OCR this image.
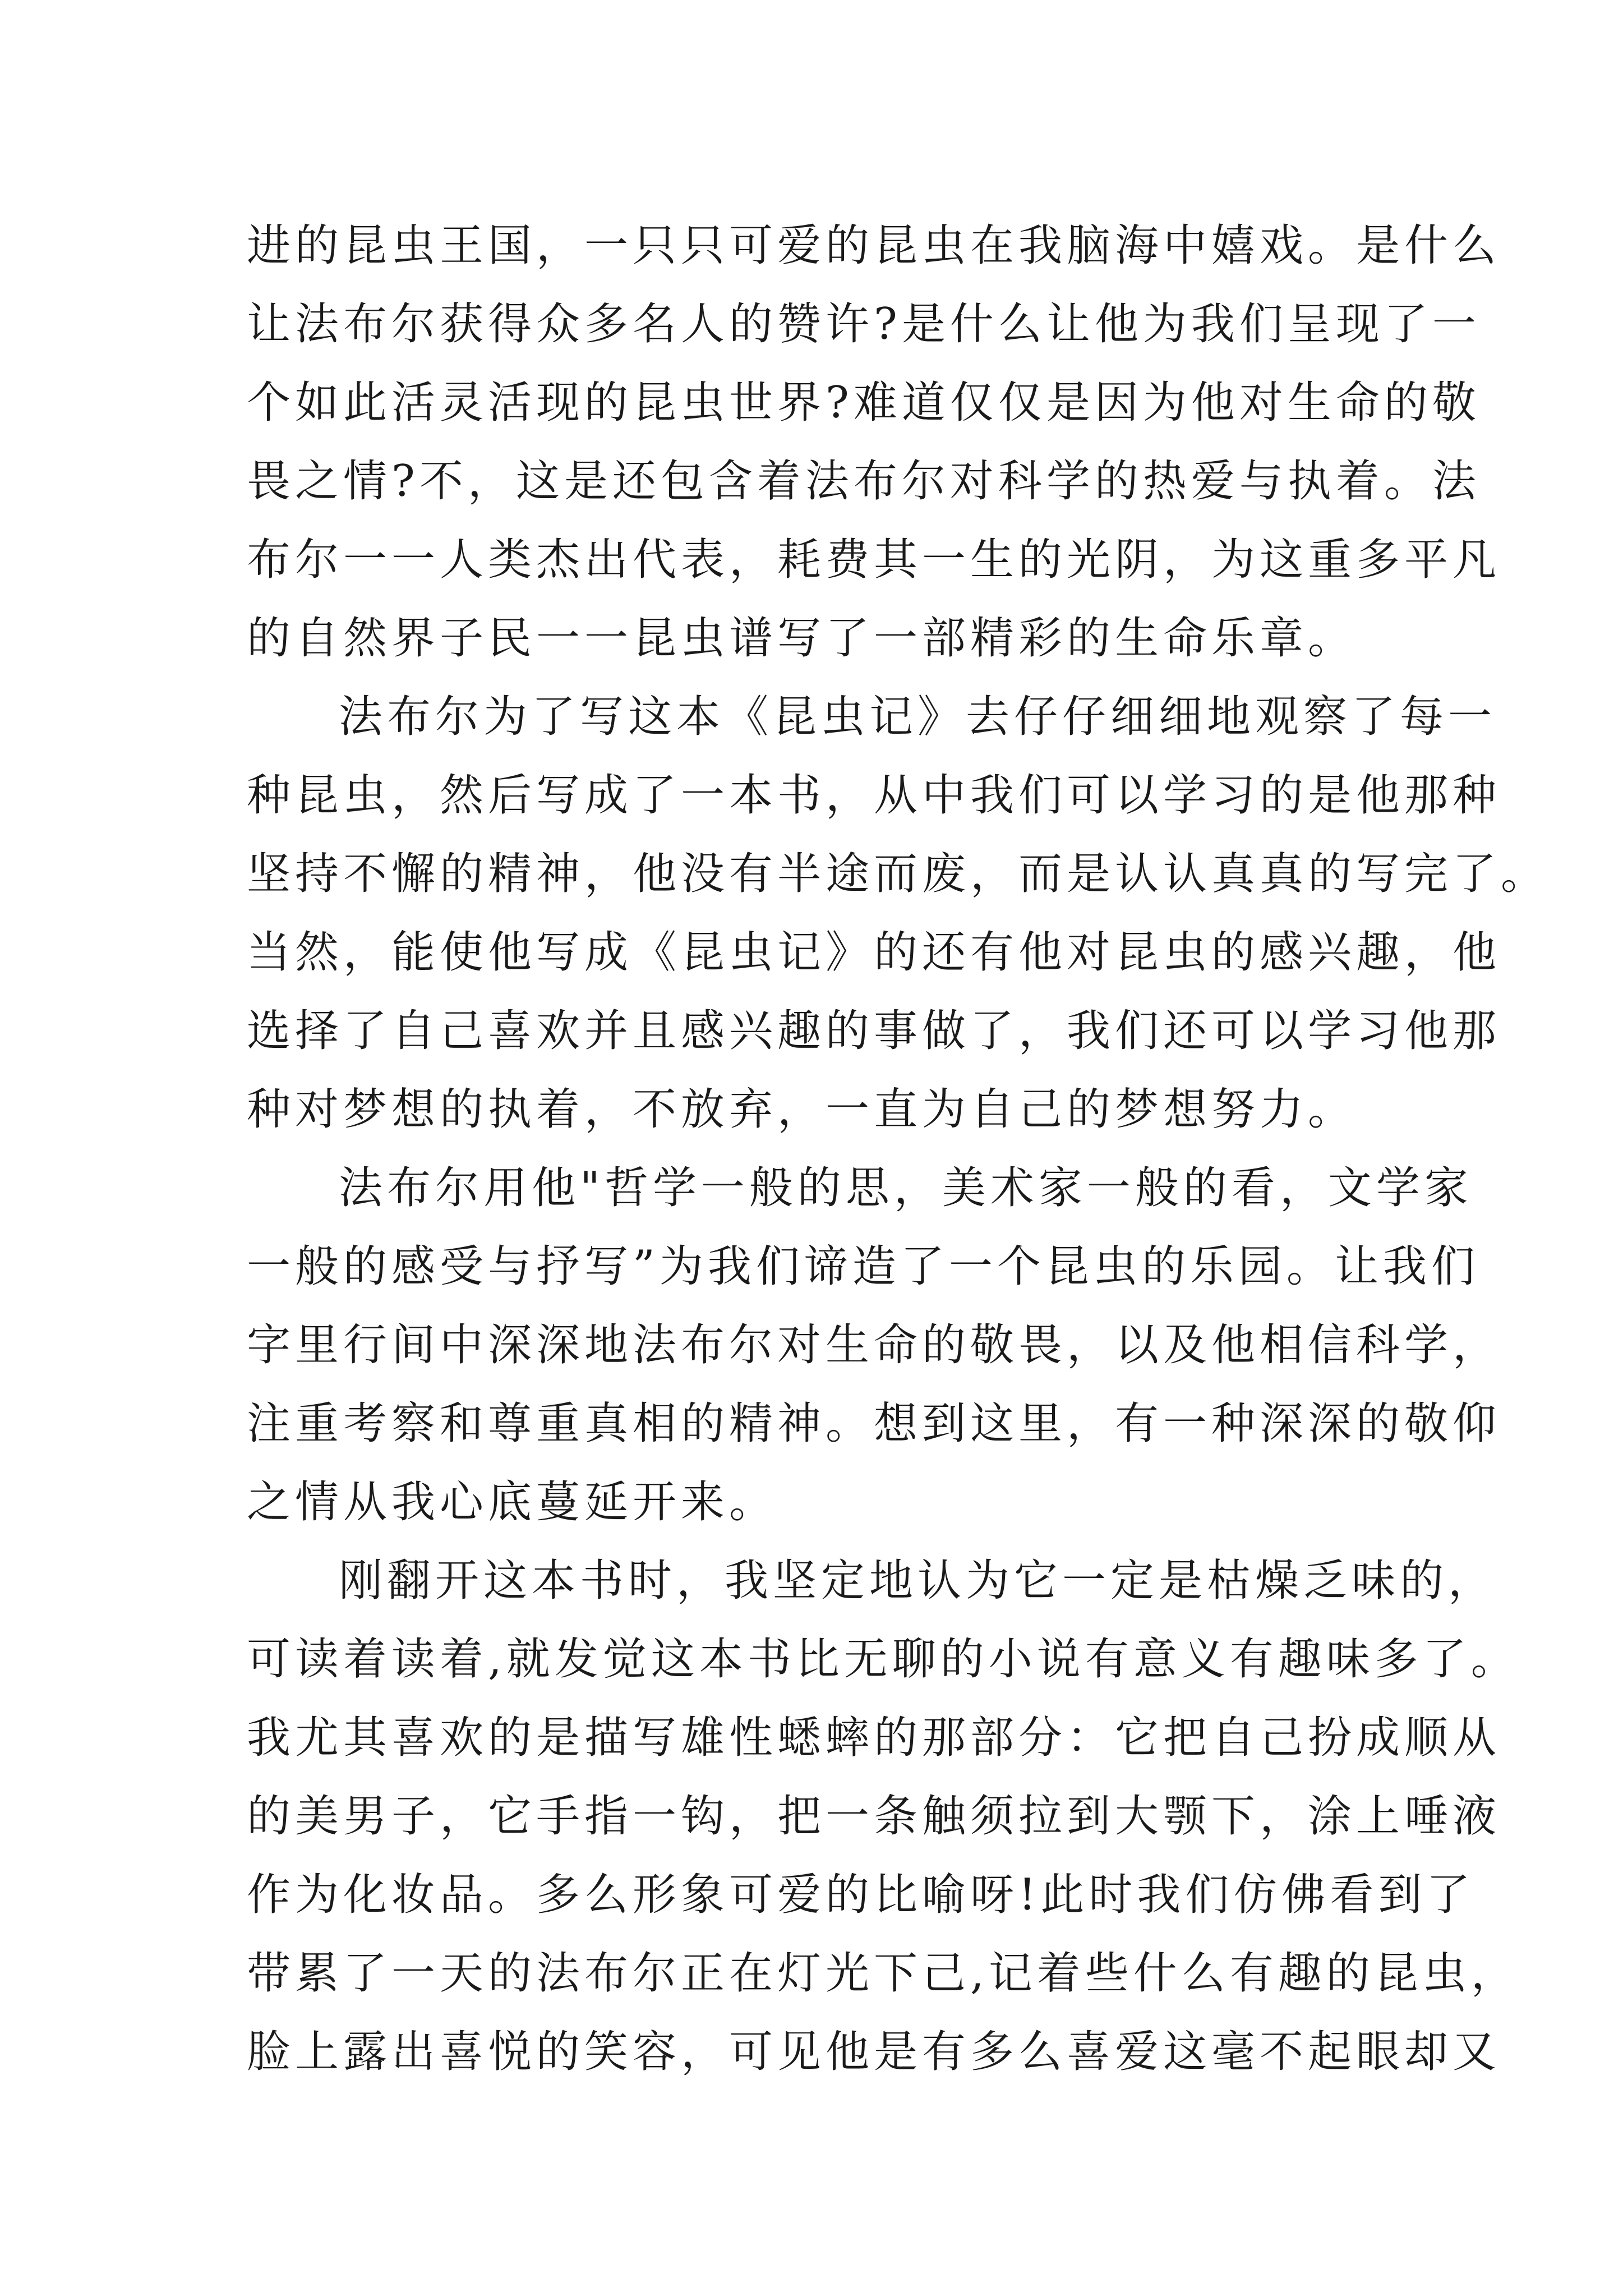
进的昆虫王国，一只只可爱的昆虫在我脑海中嬉戏。是什么
让法布尔获得众多名人的赞许?是什么让他为我们呈现了一
个如此活灵活现的昆虫世界?难道仅仅是因为他对生命的敬
畏之情?不，这是还包含着法布尔对科学的热爱与执着。法
布尔一一人类杰出代表，耗费其一生的光阴，为这重多平凡
的自然界子民一一昆虫谱写了一部精彩的生命乐章。
法布尔为了写这本《昆虫记》去仔仔细细地观察了每一
种昆虫，然后写成了一本书，从中我们可以学习的是他那种
坚持不懈的精神，他没有半途而废，而是认认真真的写完了。
当然，能使他写成《昆虫记》的还有他对昆虫的感兴趣，他
选择了自己喜欢并且感兴趣的事做了，我们还可以学习他那
种对梦想的执着，不放弃，一直为自己的梦想努力。
法布尔用他"哲学一般的思，美术家一般的看，文学家
一般的感受与抒写”为我们谛造了一个昆虫的乐园。让我们
字里行间中深深地法布尔对生命的敬畏，以及他相信科学，
注重考察和尊重真相的精神。想到这里，有一种深深的敬仰
之情从我心底蔓延开来。
刚翻开这本书时，我坚定地认为它一定是枯燥乏味的，
可读着读着,就发觉这本书比无聊的小说有意义有趣味多了。
我尤其喜欢的是描写雄性蟋蟀的那部分：它把自己扮成顺从
的美男子，它手指一钩，把一条触须拉到大颚下，涂上唾液
作为化妆品。多么形象可爱的比喻呀!此时我们仿佛看到了
带累了一天的法布尔正在灯光下己,记着些什么有趣的昆虫，
脸上露出喜悦的笑容，可见他是有多么喜爱这毫不起眼却又
